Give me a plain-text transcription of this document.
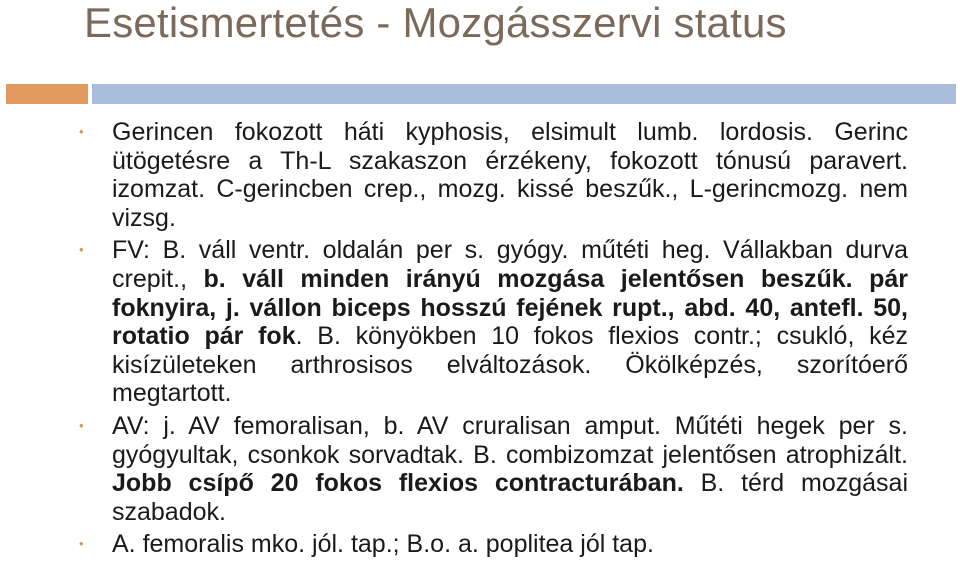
Esetismertetés - Mozgásszervi status
• Gerincen fokozott háti kyphosis, elsimult lumb. lordosis. Gerinc ütögetésre a Th-L szakaszon érzékeny, fokozott tónusú paravert. izomzat. C-gerincben crep., mozg. kissé beszűk., L-gerincmozg. nem vizsg.
• FV: B. váll ventr. oldalán per s. gyógy. műtéti heg. Vállakban durva crepit., b. váll minden irányú mozgása jelentősen beszűk. pár foknyira, j. vállon biceps hosszú fejének rupt., abd. 40, antefl. 50, rotatio pár fok. B. könyökben 10 fokos flexios contr.; csukló, kéz kisízületeken arthrosisos elváltozások. Ökölképzés, szorítóerő megtartott.
• AV: j. AV femoralisan, b. AV cruralisan amput. Műtéti hegek per s. gyógyultak, csonkok sorvadtak. B. combizomzat jelentősen atrophizált. Jobb csípő 20 fokos flexios contracturában. B. térd mozgásai szabadok.
• A. femoralis mko. jól. tap.; B.o. a. poplitea jól tap.
